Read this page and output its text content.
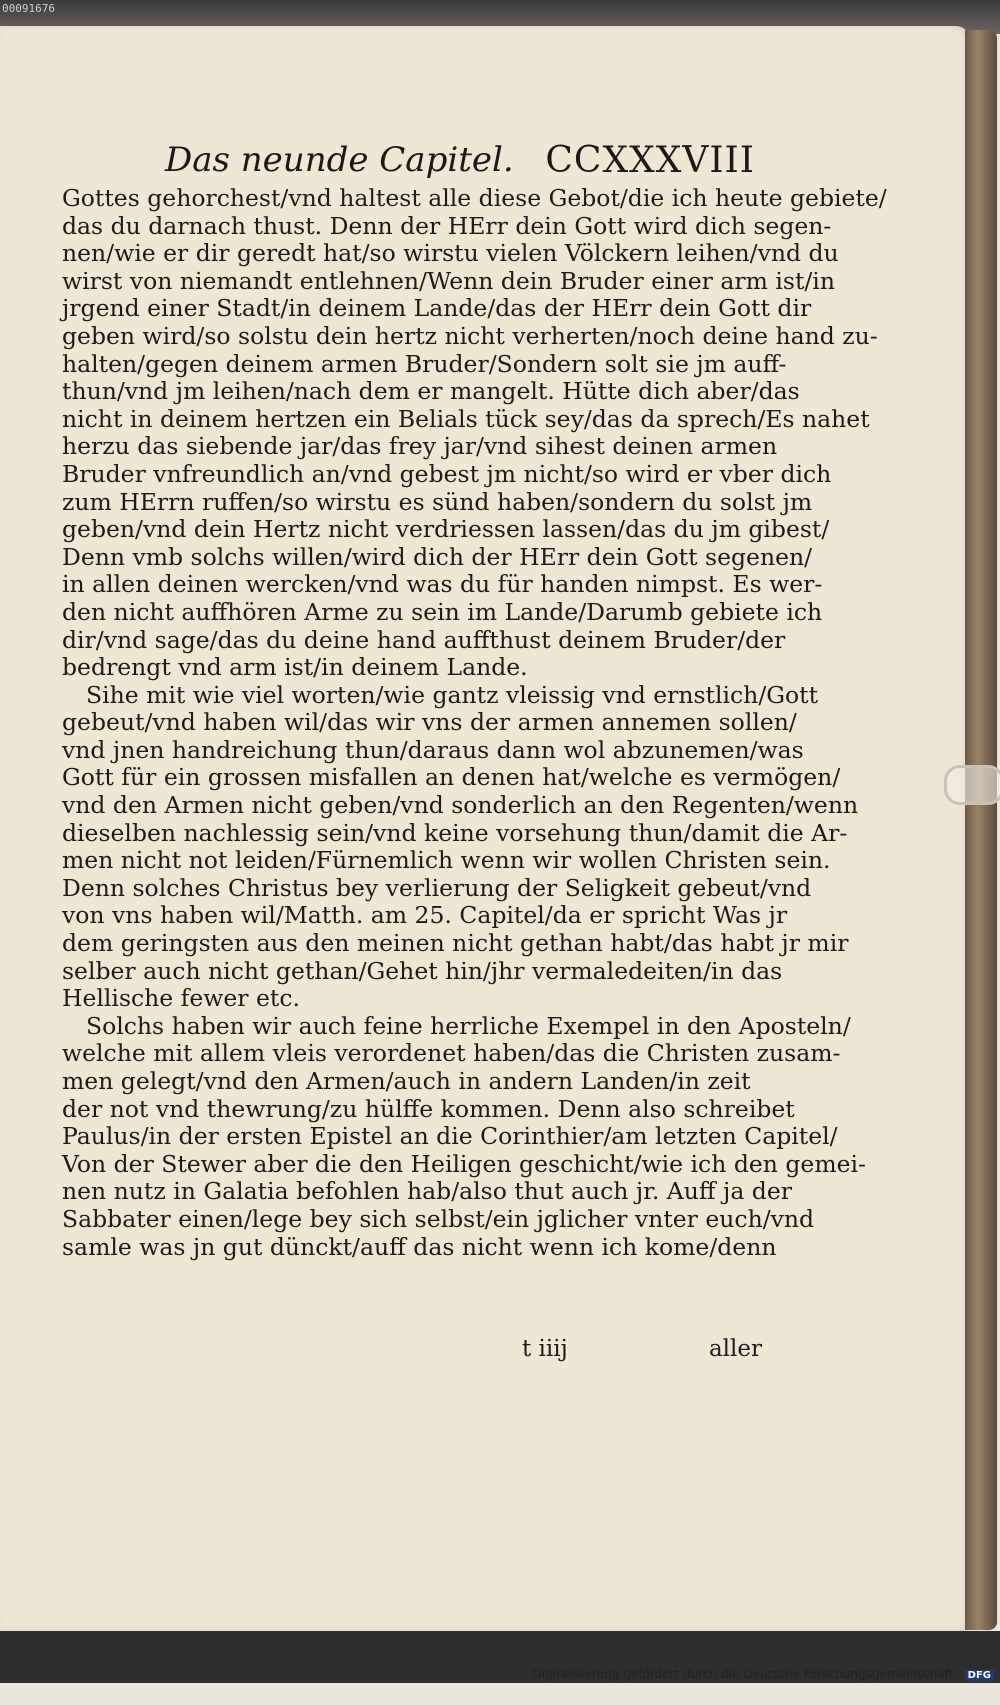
00091676
Das neunde Capitel. CCXXXVIII
Gottes gehorchest/vnd haltest alle diese Gebot/die ich heute gebiete/
das du darnach thust. Denn der HErr dein Gott wird dich segen-
nen/wie er dir geredt hat/so wirstu vielen Völckern leihen/vnd du
wirst von niemandt entlehnen/Wenn dein Bruder einer arm ist/in
jrgend einer Stadt/in deinem Lande/das der HErr dein Gott dir
geben wird/so solstu dein hertz nicht verherten/noch deine hand zu-
halten/gegen deinem armen Bruder/Sondern solt sie jm auff-
thun/vnd jm leihen/nach dem er mangelt. Hütte dich aber/das
nicht in deinem hertzen ein Belials tück sey/das da sprech/Es nahet
herzu das siebende jar/das frey jar/vnd sihest deinen armen
Bruder vnfreundlich an/vnd gebest jm nicht/so wird er vber dich
zum HErrn ruffen/so wirstu es sünd haben/sondern du solst jm
geben/vnd dein Hertz nicht verdriessen lassen/das du jm gibest/
Denn vmb solchs willen/wird dich der HErr dein Gott segenen/
in allen deinen wercken/vnd was du für handen nimpst. Es wer-
den nicht auffhören Arme zu sein im Lande/Darumb gebiete ich
dir/vnd sage/das du deine hand auffthust deinem Bruder/der
bedrengt vnd arm ist/in deinem Lande.
Sihe mit wie viel worten/wie gantz vleissig vnd ernstlich/Gott
gebeut/vnd haben wil/das wir vns der armen annemen sollen/
vnd jnen handreichung thun/daraus dann wol abzunemen/was
Gott für ein grossen misfallen an denen hat/welche es vermögen/
vnd den Armen nicht geben/vnd sonderlich an den Regenten/wenn
dieselben nachlessig sein/vnd keine vorsehung thun/damit die Ar-
men nicht not leiden/Fürnemlich wenn wir wollen Christen sein.
Denn solches Christus bey verlierung der Seligkeit gebeut/vnd
von vns haben wil/Matth. am 25. Capitel/da er spricht Was jr
dem geringsten aus den meinen nicht gethan habt/das habt jr mir
selber auch nicht gethan/Gehet hin/jhr vermaledeiten/in das
Hellische fewer etc.
Solchs haben wir auch feine herrliche Exempel in den Aposteln/
welche mit allem vleis verordenet haben/das die Christen zusam-
men gelegt/vnd den Armen/auch in andern Landen/in zeit
der not vnd thewrung/zu hülffe kommen. Denn also schreibet
Paulus/in der ersten Epistel an die Corinthier/am letzten Capitel/
Von der Stewer aber die den Heiligen geschicht/wie ich den gemei-
nen nutz in Galatia befohlen hab/also thut auch jr. Auff ja der
Sabbater einen/lege bey sich selbst/ein jglicher vnter euch/vnd
samle was jn gut dünckt/auff das nicht wenn ich kome/denn
t iiij	aller
Digitalisierung gefördert durch die Deutsche Forschungsgemeinschaft - DFG
